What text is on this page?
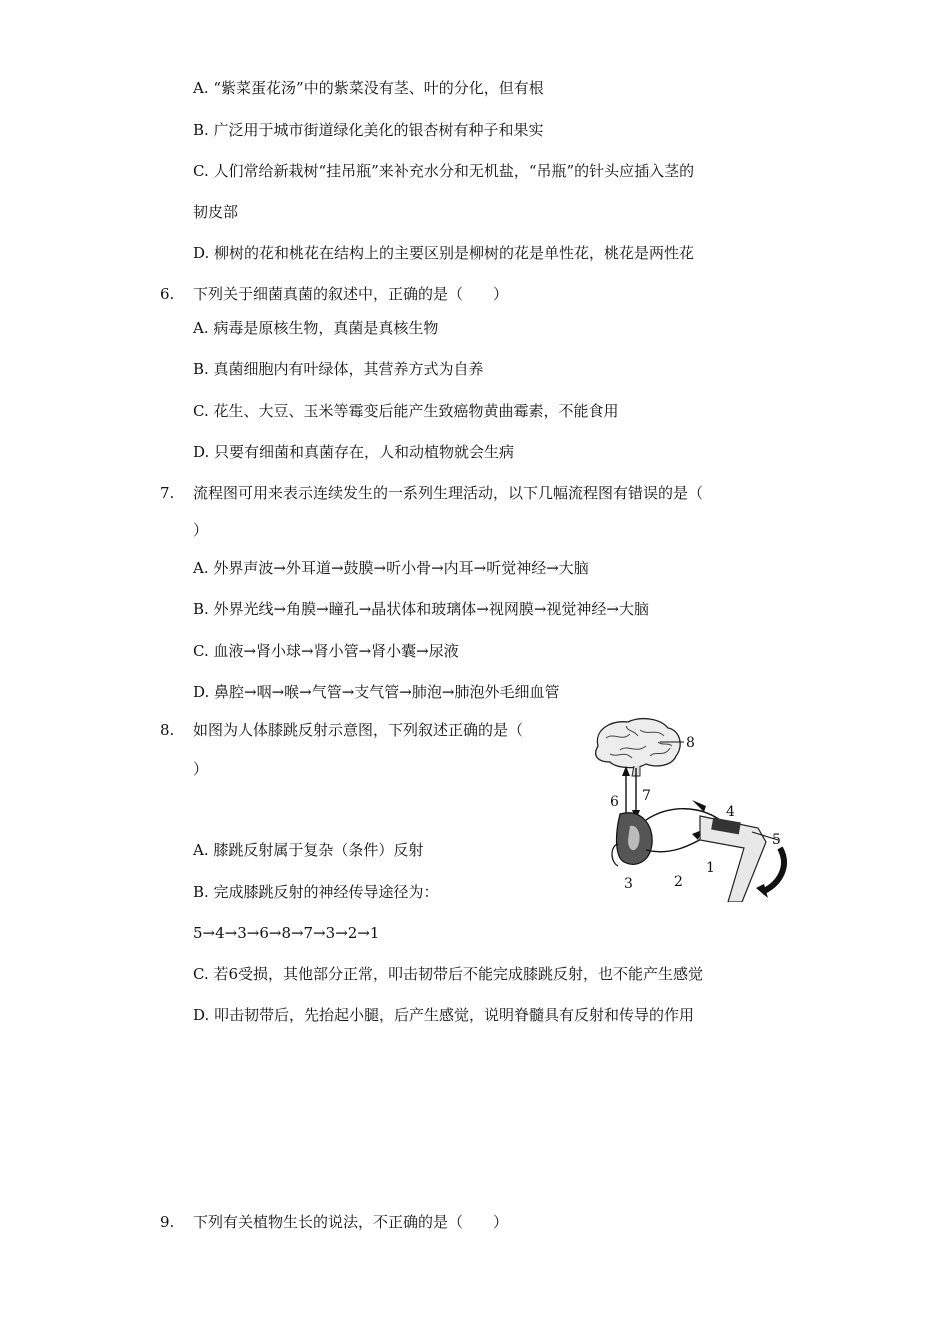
A. “紫菜蛋花汤”中的紫菜没有茎、叶的分化，但有根
B. 广泛用于城市街道绿化美化的银杏树有种子和果实
C. 人们常给新栽树“挂吊瓶”来补充水分和无机盐，“吊瓶”的针头应插入茎的
韧皮部
D. 柳树的花和桃花在结构上的主要区别是柳树的花是单性花，桃花是两性花
6. 下列关于细菌真菌的叙述中，正确的是（　　）
A. 病毒是原核生物，真菌是真核生物
B. 真菌细胞内有叶绿体，其营养方式为自养
C. 花生、大豆、玉米等霉变后能产生致癌物黄曲霉素，不能食用
D. 只要有细菌和真菌存在，人和动植物就会生病
7. 流程图可用来表示连续发生的一系列生理活动，以下几幅流程图有错误的是（
）
A. 外界声波→外耳道→鼓膜→听小骨→内耳→听觉神经→大脑
B. 外界光线→角膜→瞳孔→晶状体和玻璃体→视网膜→视觉神经→大脑
C. 血液→肾小球→肾小管→肾小囊→尿液
D. 鼻腔→咽→喉→气管→支气管→肺泡→肺泡外毛细血管
8. 如图为人体膝跳反射示意图，下列叙述正确的是（
）
A. 膝跳反射属于复杂（条件）反射
B. 完成膝跳反射的神经传导途径为：
5→4→3→6→8→7→3→2→1
C. 若6受损，其他部分正常，叩击韧带后不能完成膝跳反射，也不能产生感觉
D. 叩击韧带后，先抬起小腿，后产生感觉，说明脊髓具有反射和传导的作用
8
6 7
4
5
1
3	2
9. 下列有关植物生长的说法，不正确的是（　　）
